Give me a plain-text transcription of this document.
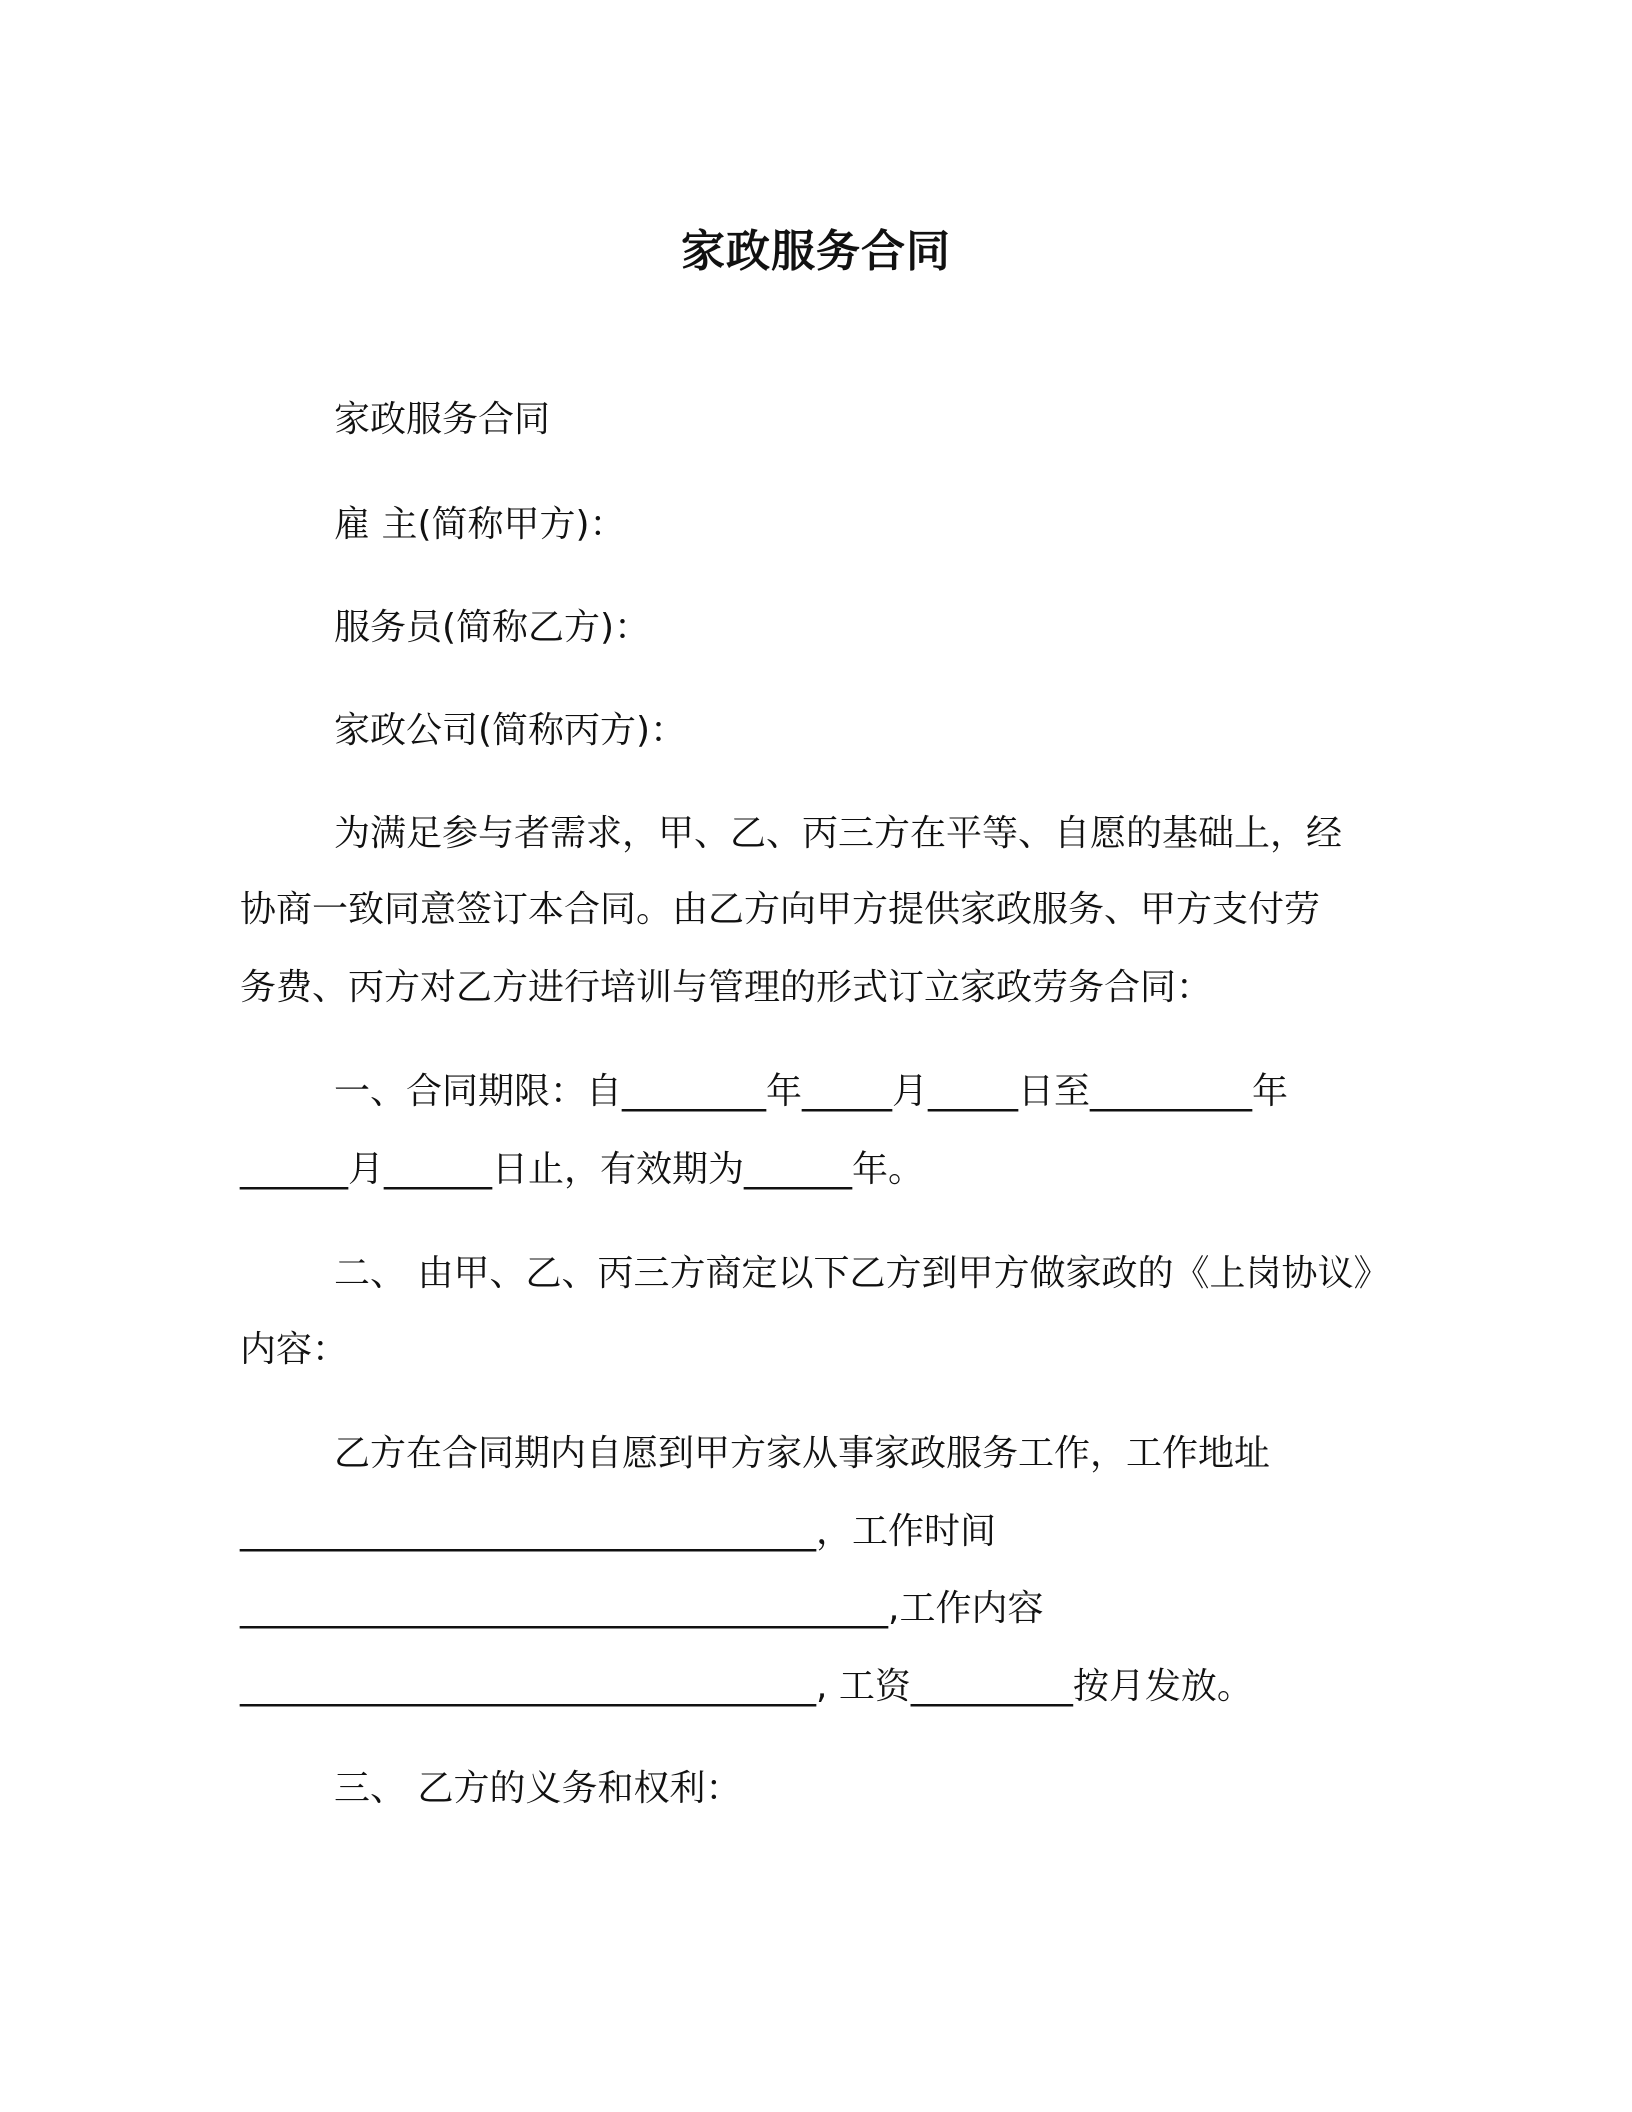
家政服务合同
家政服务合同
雇 主(简称甲方)：
服务员(简称乙方)：
家政公司(简称丙方)：
为满足参与者需求，甲、乙、丙三方在平等、自愿的基础上，经
协商一致同意签订本合同。由乙方向甲方提供家政服务、甲方支付劳
务费、丙方对乙方进行培训与管理的形式订立家政劳务合同：
一、合同期限：自________年_____月_____日至_________年
______月______日止，有效期为______年。
二、 由甲、乙、丙三方商定以下乙方到甲方做家政的《上岗协议》
内容：
乙方在合同期内自愿到甲方家从事家政服务工作，工作地址
________________________________，工作时间
____________________________________,工作内容
________________________________, 工资_________按月发放。
三、 乙方的义务和权利：
